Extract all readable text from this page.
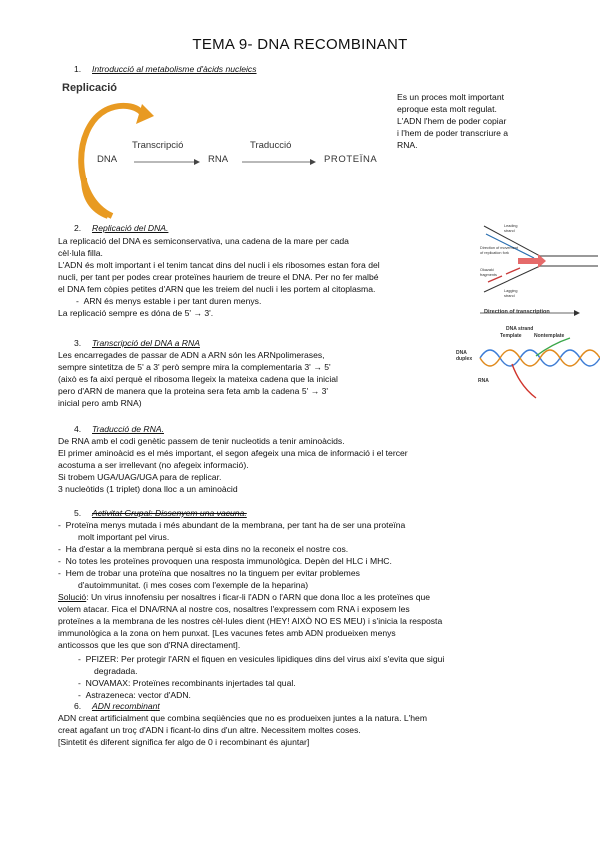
TEMA 9- DNA RECOMBINANT
1. Introducció al metabolisme d'àcids nucleics
Replicació
DNA	RNA	PROTEÏNA
Transcripció	Traducció
Es un proces molt important
eproque esta molt regulat.
L'ADN l'hem de poder copiar
i l'hem de poder transcriure a
RNA.
2. Replicació del DNA.
La replicació del DNA es semiconservativa, una cadena de la mare per cada
cèl·lula filla.
L'ADN és molt important i el tenim tancat dins del nucli i els ribosomes estan fora del
nucli, per tant per podes crear proteïnes hauriem de treure el DNA. Per no fer malbé
el DNA fem còpies petites d'ARN que les treiem del nucli i les portem al citoplasma.
-  ARN és menys estable i per tant duren menys.
La replicació sempre es dóna de 5' → 3'.
Leading strand
Direction of movement of replication fork
Okazaki fragments
Lagging strand
Direction of transcription
DNA strand
Template Nontemplate
DNA duplex
RNA
3. Transcripció del DNA a RNA
Les encarregades de passar de ADN a ARN són les ARNpolimerases,
sempre sintetitza de 5' a 3' però sempre mira la complementaria 3' → 5'
(això es fa així perquè el ribosoma llegeix la mateixa cadena que la inicial
pero d'ARN de manera que la proteina sera feta amb la cadena 5' → 3'
inicial pero amb RNA)
4. Traducció de RNA.
De RNA amb el codi genètic passem de tenir nucleotids a tenir aminoàcids.
El primer aminoàcid es el més important, el segon afegeix una mica de informació i el tercer
acostuma a ser irrellevant (no afegeix informació).
Si trobem UGA/UAG/UGA para de replicar.
3 nucleòtids (1 triplet) dona lloc a un aminoàcid
5. Activitat Grupal: Dissenyem una vacuna.
-  Proteïna menys mutada i més abundant de la membrana, per tant ha de ser una proteïna
molt important pel virus.
-  Ha d'estar a la membrana perquè si esta dins no la reconeix el nostre cos.
-  No totes les proteïnes provoquen una resposta immunològica. Depèn del HLC i MHC.
-  Hem de trobar una proteïna que nosaltres no la tinguem per evitar problemes
d'autoimmunitat. (i mes coses com l'exemple de la heparina)
Solució: Un virus innofensiu per nosaltres i ficar-li l'ADN o l'ARN que dona lloc a les proteïnes que
volem atacar. Fica el DNA/RNA al nostre cos, nosaltres l'expressem com RNA i exposem les
proteïnes a la membrana de les nostres cèl·lules dient (HEY! AIXÒ NO ES MEU) i s'inicia la resposta
immunològica a la zona on hem punxat. [Les vacunes fetes amb ADN produeixen menys
anticossos que les que son d'RNA directament].
-  PFIZER: Per protegir l'ARN el fiquen en vesicules lipidiques dins del virus així s'evita que sigui
degradada.
-  NOVAMAX: Proteïnes recombinants injertades tal qual.
-  Astrazeneca: vector d'ADN.
6. ADN recombinant
ADN creat artificialment que combina seqüències que no es produeixen juntes a la natura. L'hem
creat agafant un troç d'ADN i ficant-lo dins d'un altre. Necessitem moltes coses.
[Sintetit és diferent significa fer algo de 0 i recombinant és ajuntar]
